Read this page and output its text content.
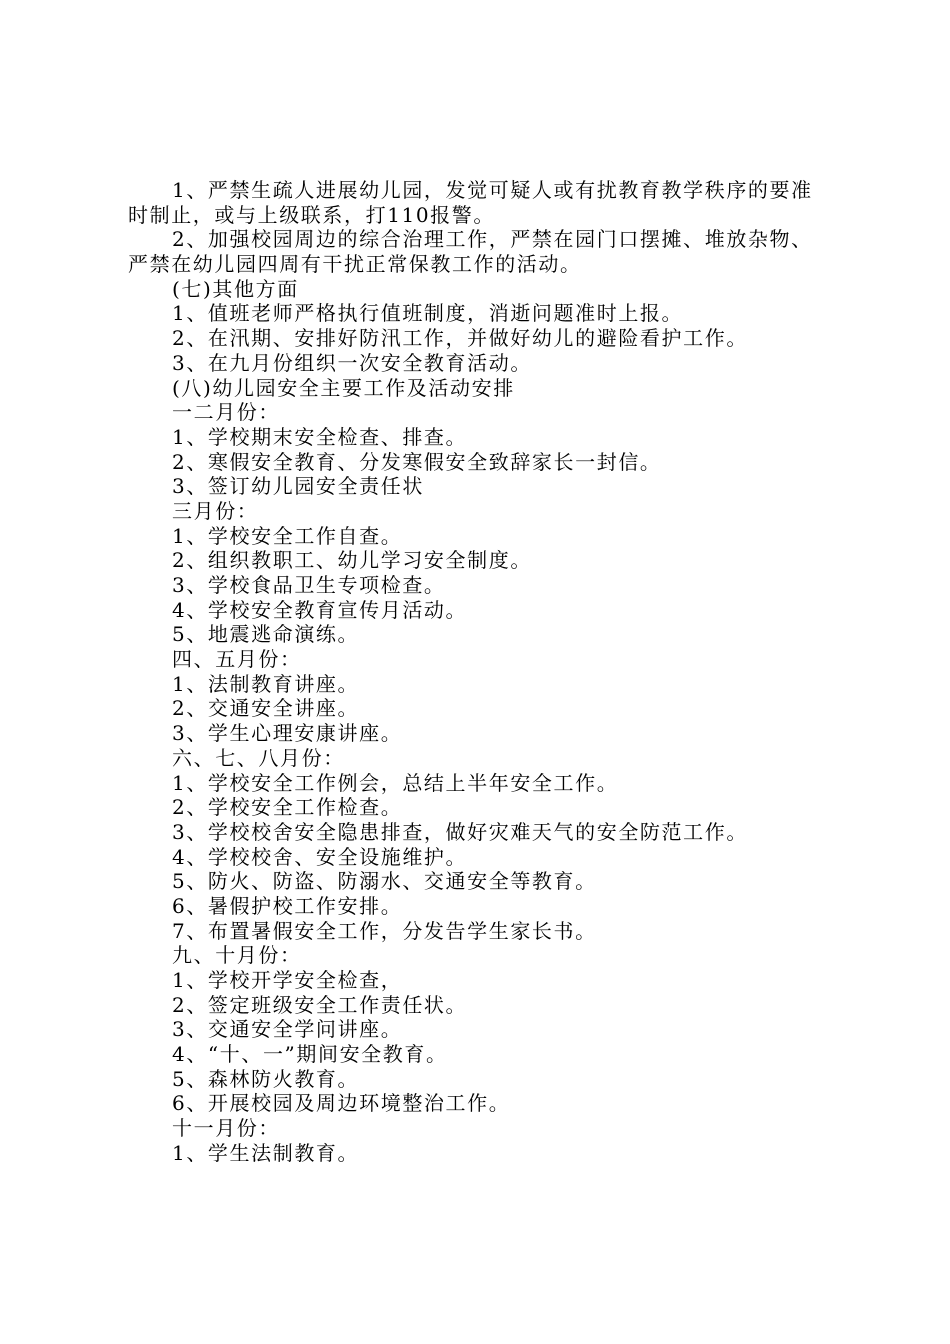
1、严禁生疏人进展幼儿园，发觉可疑人或有扰教育教学秩序的要准
时制止，或与上级联系，打110报警。
2、加强校园周边的综合治理工作，严禁在园门口摆摊、堆放杂物、
严禁在幼儿园四周有干扰正常保教工作的活动。
(七)其他方面
1、值班老师严格执行值班制度，消逝问题准时上报。
2、在汛期、安排好防汛工作，并做好幼儿的避险看护工作。
3、在九月份组织一次安全教育活动。
(八)幼儿园安全主要工作及活动安排
一二月份：
1、学校期末安全检查、排查。
2、寒假安全教育、分发寒假安全致辞家长一封信。
3、签订幼儿园安全责任状
三月份：
1、学校安全工作自查。
2、组织教职工、幼儿学习安全制度。
3、学校食品卫生专项检查。
4、学校安全教育宣传月活动。
5、地震逃命演练。
四、五月份：
1、法制教育讲座。
2、交通安全讲座。
3、学生心理安康讲座。
六、七、八月份：
1、学校安全工作例会，总结上半年安全工作。
2、学校安全工作检查。
3、学校校舍安全隐患排查，做好灾难天气的安全防范工作。
4、学校校舍、安全设施维护。
5、防火、防盗、防溺水、交通安全等教育。
6、暑假护校工作安排。
7、布置暑假安全工作，分发告学生家长书。
九、十月份：
1、学校开学安全检查，
2、签定班级安全工作责任状。
3、交通安全学问讲座。
4、“十、一”期间安全教育。
5、森林防火教育。
6、开展校园及周边环境整治工作。
十一月份：
1、学生法制教育。
